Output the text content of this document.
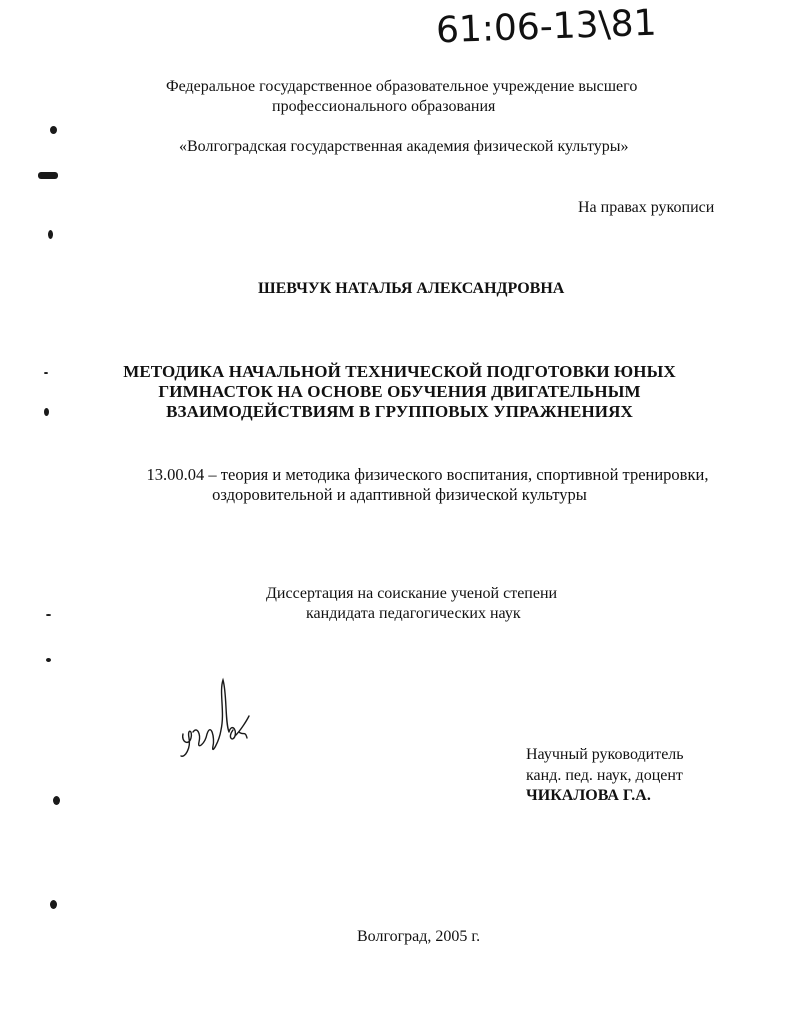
61:06-13\81
Федеральное государственное образовательное учреждение высшего
профессионального образования
«Волгоградская государственная академия физической культуры»
На правах рукописи
ШЕВЧУК НАТАЛЬЯ АЛЕКСАНДРОВНА
МЕТОДИКА НАЧАЛЬНОЙ ТЕХНИЧЕСКОЙ ПОДГОТОВКИ ЮНЫХ
ГИМНАСТОК НА ОСНОВЕ ОБУЧЕНИЯ ДВИГАТЕЛЬНЫМ
ВЗАИМОДЕЙСТВИЯМ В ГРУППОВЫХ УПРАЖНЕНИЯХ
13.00.04 – теория и методика физического воспитания, спортивной тренировки,
оздоровительной и адаптивной физической культуры
Диссертация на соискание ученой степени
кандидата педагогических наук
Научный руководитель
канд. пед. наук, доцент
ЧИКАЛОВА Г.А.
Волгоград, 2005 г.
